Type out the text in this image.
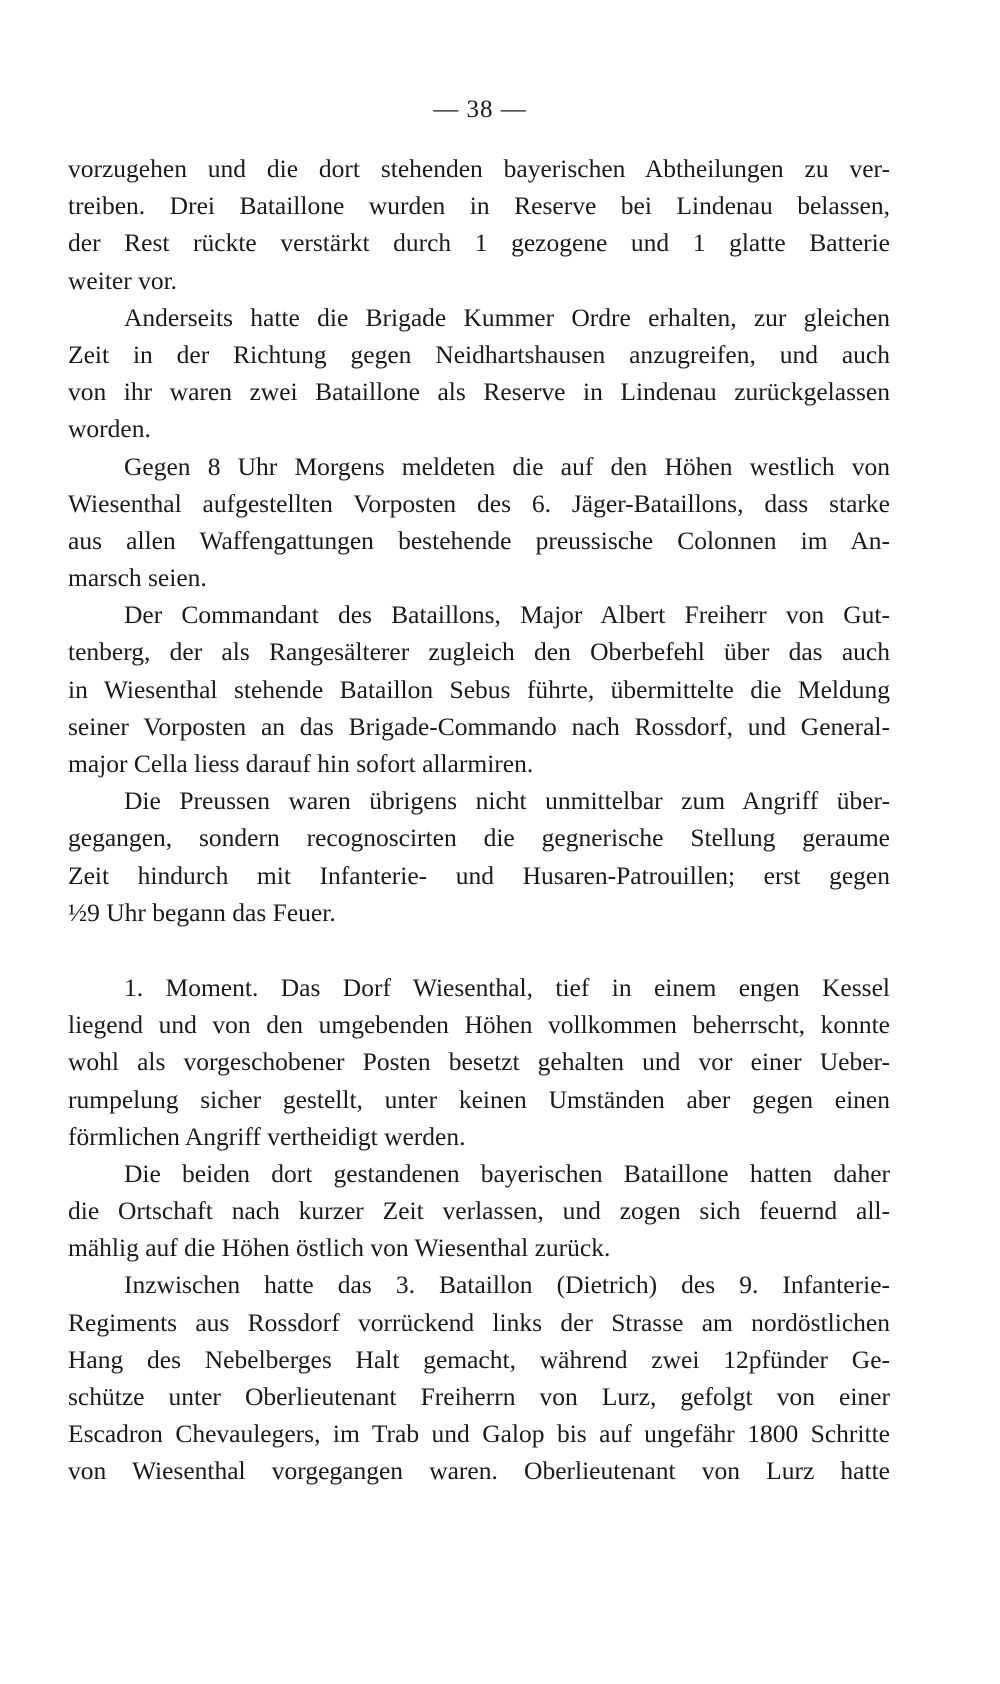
— 38 —
vorzugehen und die dort stehenden bayerischen Abtheilungen zu ver-
treiben. Drei Bataillone wurden in Reserve bei Lindenau belassen,
der Rest rückte verstärkt durch 1 gezogene und 1 glatte Batterie
weiter vor.
Anderseits hatte die Brigade Kummer Ordre erhalten, zur gleichen
Zeit in der Richtung gegen Neidhartshausen anzugreifen, und auch
von ihr waren zwei Bataillone als Reserve in Lindenau zurückgelassen
worden.
Gegen 8 Uhr Morgens meldeten die auf den Höhen westlich von
Wiesenthal aufgestellten Vorposten des 6. Jäger-Bataillons, dass starke
aus allen Waffengattungen bestehende preussische Colonnen im An-
marsch seien.
Der Commandant des Bataillons, Major Albert Freiherr von Gut-
tenberg, der als Rangesälterer zugleich den Oberbefehl über das auch
in Wiesenthal stehende Bataillon Sebus führte, übermittelte die Meldung
seiner Vorposten an das Brigade-Commando nach Rossdorf, und General-
major Cella liess darauf hin sofort allarmiren.
Die Preussen waren übrigens nicht unmittelbar zum Angriff über-
gegangen, sondern recognoscirten die gegnerische Stellung geraume
Zeit hindurch mit Infanterie- und Husaren-Patrouillen; erst gegen
½9 Uhr begann das Feuer.
1. Moment. Das Dorf Wiesenthal, tief in einem engen Kessel
liegend und von den umgebenden Höhen vollkommen beherrscht, konnte
wohl als vorgeschobener Posten besetzt gehalten und vor einer Ueber-
rumpelung sicher gestellt, unter keinen Umständen aber gegen einen
förmlichen Angriff vertheidigt werden.
Die beiden dort gestandenen bayerischen Bataillone hatten daher
die Ortschaft nach kurzer Zeit verlassen, und zogen sich feuernd all-
mählig auf die Höhen östlich von Wiesenthal zurück.
Inzwischen hatte das 3. Bataillon (Dietrich) des 9. Infanterie-
Regiments aus Rossdorf vorrückend links der Strasse am nordöstlichen
Hang des Nebelberges Halt gemacht, während zwei 12pfünder Ge-
schütze unter Oberlieutenant Freiherrn von Lurz, gefolgt von einer
Escadron Chevaulegers, im Trab und Galop bis auf ungefähr 1800 Schritte
von Wiesenthal vorgegangen waren. Oberlieutenant von Lurz hatte
